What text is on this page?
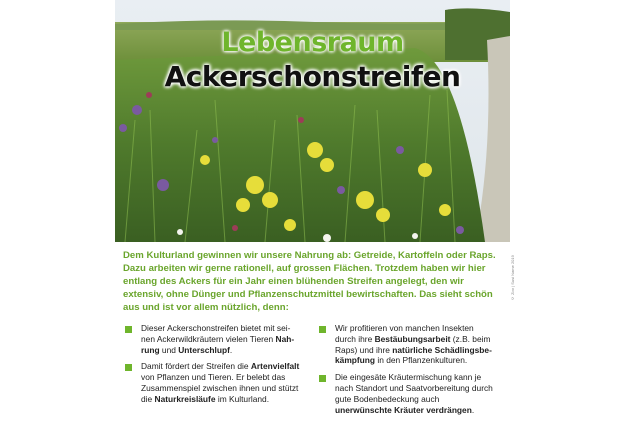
Lebensraum
Ackerschonstreifen
© Zoo | Susi Name 2019

Dem Kulturland gewinnen wir unsere Nahrung ab: Getreide, Kartoffeln oder Raps. Dazu arbeiten wir gerne rationell, auf grossen Flächen. Trotzdem haben wir hier entlang des Ackers für ein Jahr einen blühenden Streifen angelegt, den wir extensiv, ohne Dünger und Pflanzenschutzmittel bewirtschaften. Das sieht schön aus und ist vor allem nützlich, denn:

Dieser Ackerschonstreifen bietet mit seinen Ackerwildkräutern vielen Tieren Nahrung und Unterschlupf.
Damit fördert der Streifen die Artenvielfalt von Pflanzen und Tieren. Er belebt das Zusammenspiel zwischen ihnen und stützt die Naturkreisläufe im Kulturland.
Wir profitieren von manchen Insekten durch ihre Bestäubungsarbeit (z.B. beim Raps) und ihre natürliche Schädlingsbekämpfung in den Pflanzenkulturen.
Die eingesäte Kräutermischung kann je nach Standort und Saatvorbereitung durch gute Bodenbedeckung auch unerwünschte Kräuter verdrängen.
